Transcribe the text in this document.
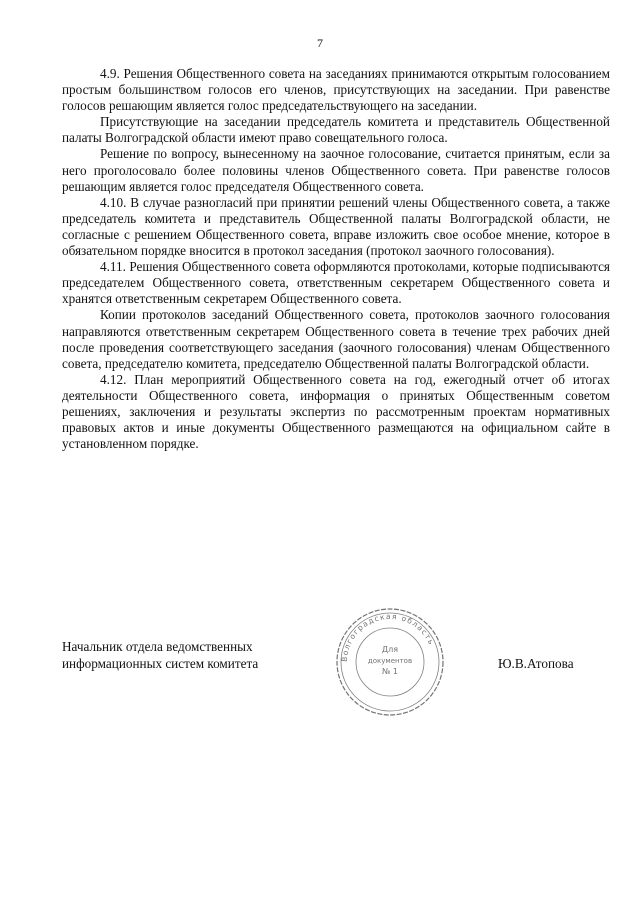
7

4.9. Решения Общественного совета на заседаниях принимаются открытым голосованием простым большинством голосов его членов, присутствующих на заседании. При равенстве голосов решающим является голос председательствующего на заседании.

Присутствующие на заседании председатель комитета и представитель Общественной палаты Волгоградской области имеют право совещательного голоса.

Решение по вопросу, вынесенному на заочное голосование, считается принятым, если за него проголосовало более половины членов Общественного совета. При равенстве голосов решающим является голос председателя Общественного совета.

4.10. В случае разногласий при принятии решений члены Общественного совета, а также председатель комитета и представитель Общественной палаты Волгоградской области, не согласные с решением Общественного совета, вправе изложить свое особое мнение, которое в обязательном порядке вносится в протокол заседания (протокол заочного голосования).

4.11. Решения Общественного совета оформляются протоколами, которые подписываются председателем Общественного совета, ответственным секретарем Общественного совета и хранятся ответственным секретарем Общественного совета.

Копии протоколов заседаний Общественного совета, протоколов заочного голосования направляются ответственным секретарем Общественного совета в течение трех рабочих дней после проведения соответствующего заседания (заочного голосования) членам Общественного совета, председателю комитета, председателю Общественной палаты Волгоградской области.

4.12. План мероприятий Общественного совета на год, ежегодный отчет об итогах деятельности Общественного совета, информация о принятых Общественным советом решениях, заключения и результаты экспертиз по рассмотренным проектам нормативных правовых актов и иные документы Общественного размещаются на официальном сайте в установленном порядке.

Начальник отдела ведомственных
информационных систем комитета	Волгоградская область
Для
документов
№ 1
Ю.В.Атопова
